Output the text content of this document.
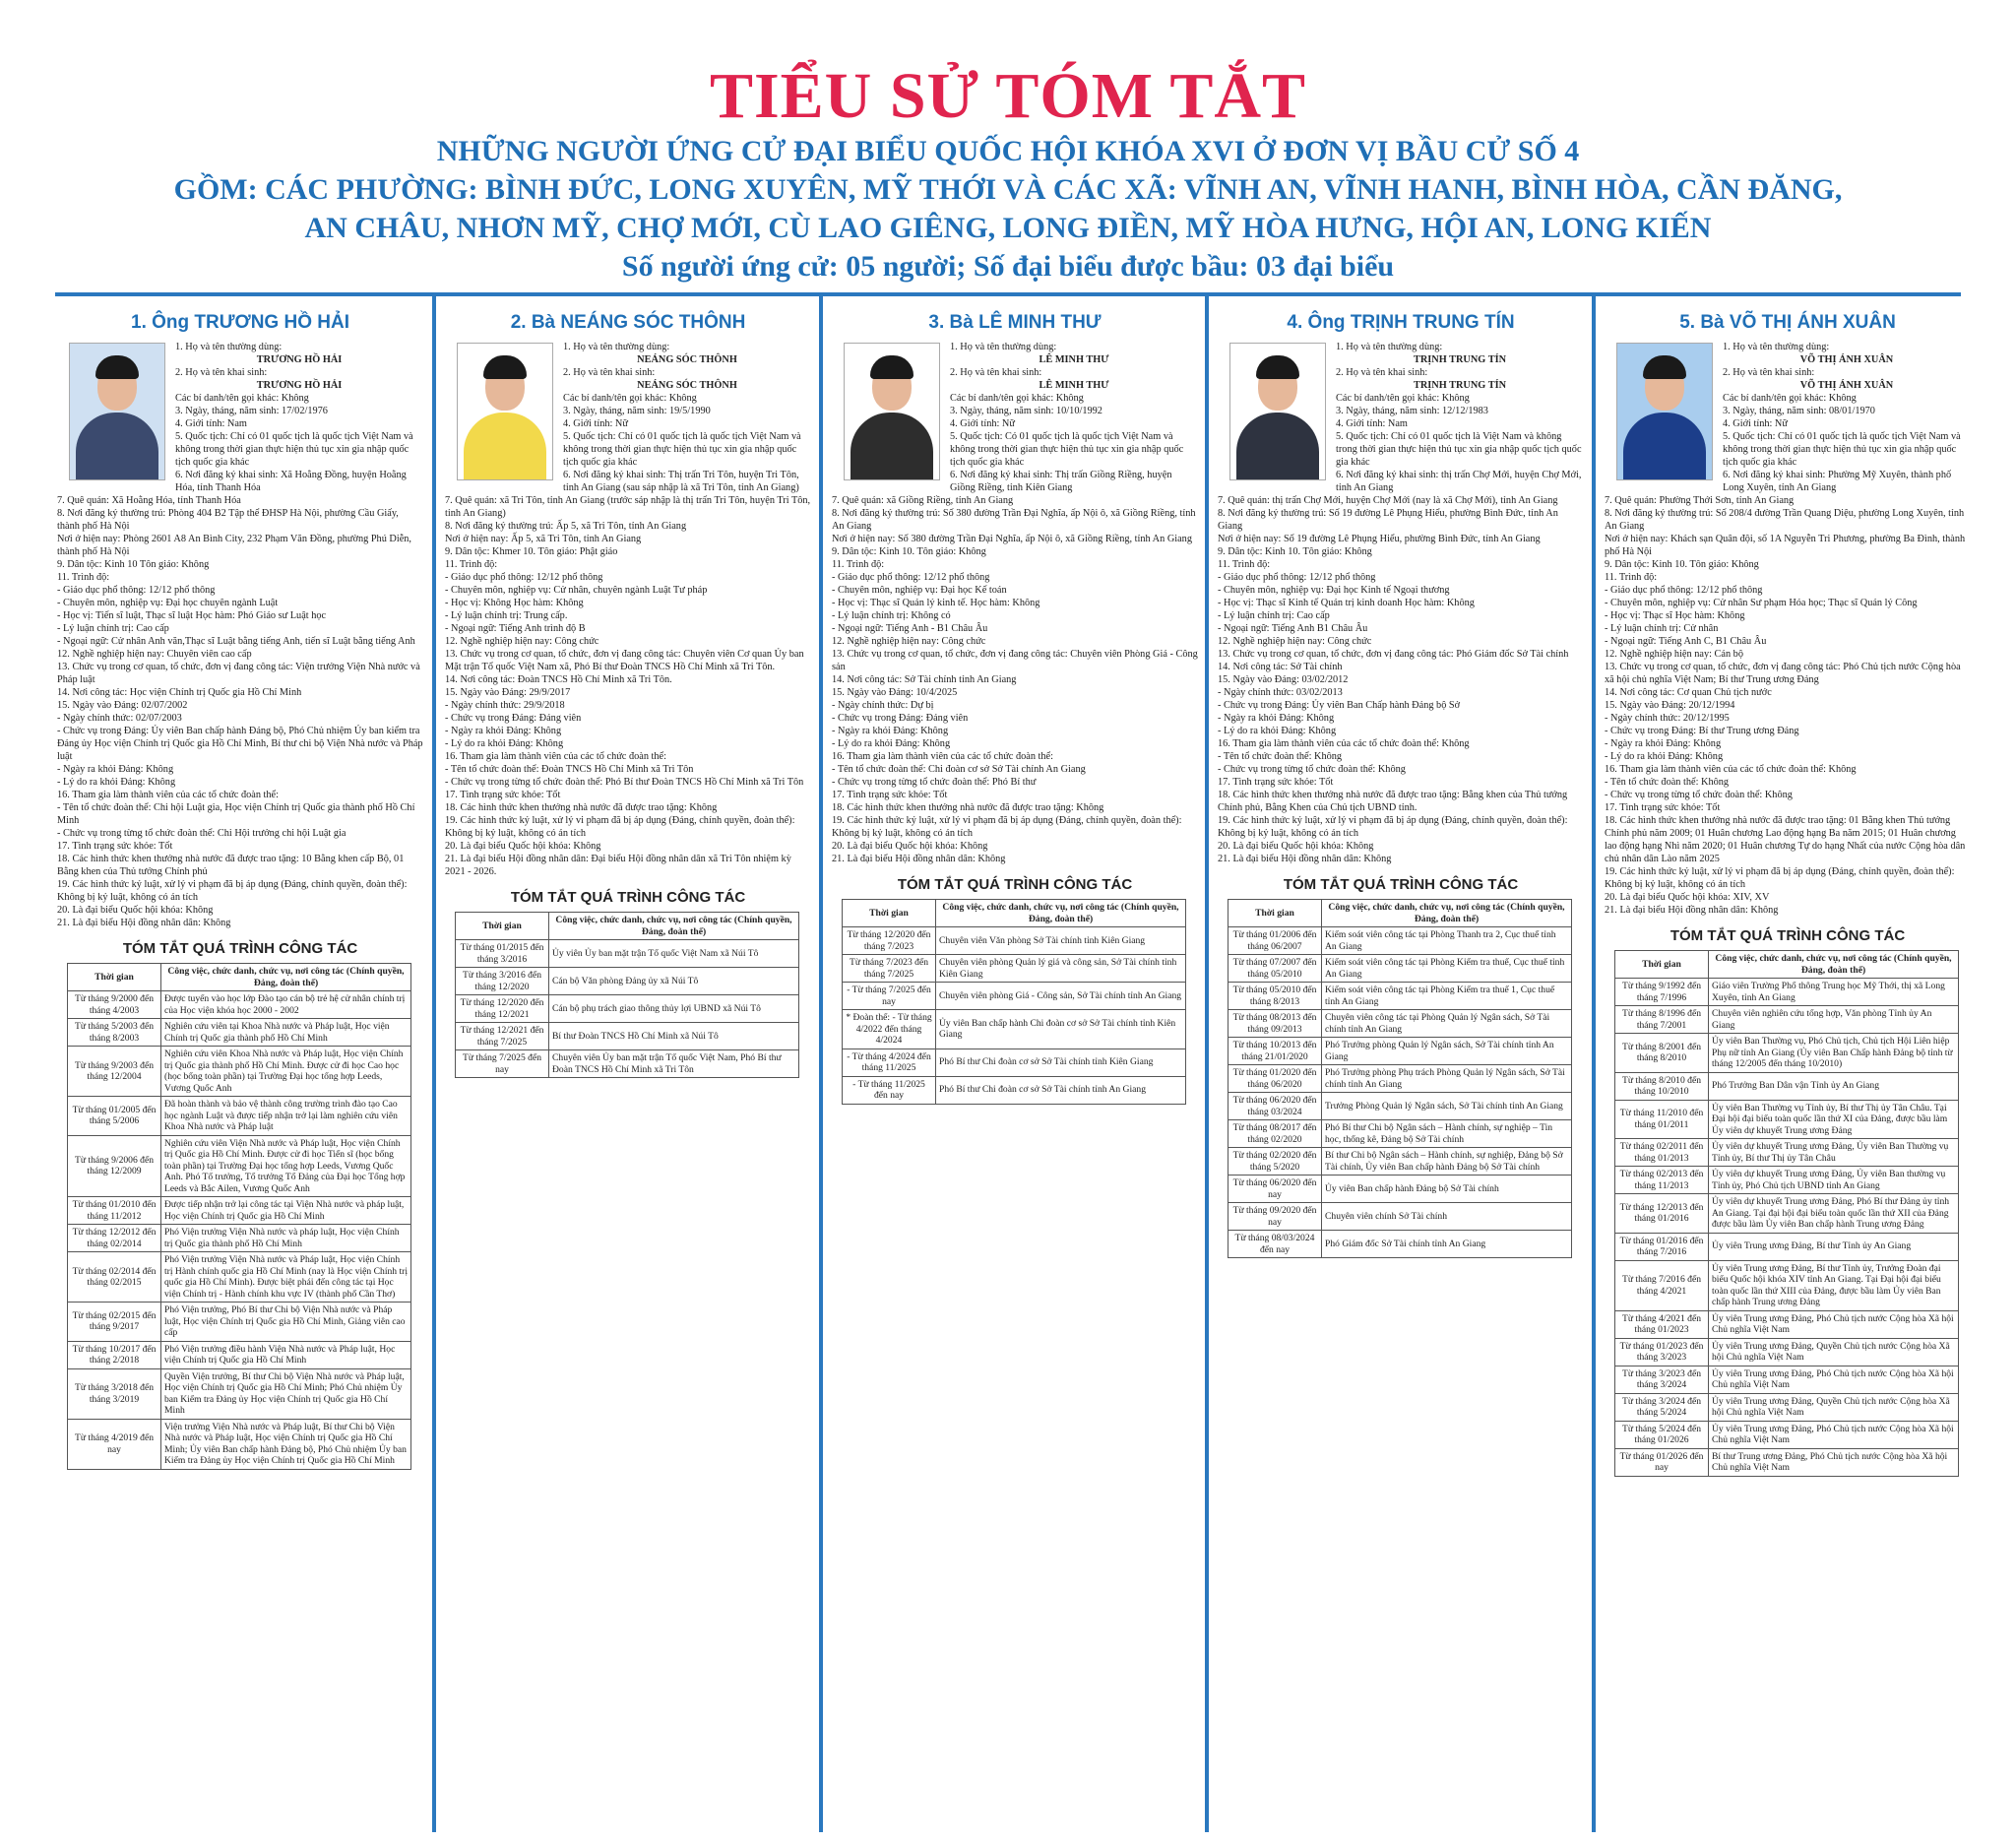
TIỂU SỬ TÓM TẮT
NHỮNG NGƯỜI ỨNG CỬ ĐẠI BIỂU QUỐC HỘI KHÓA XVI Ở ĐƠN VỊ BẦU CỬ SỐ 4
GỒM: CÁC PHƯỜNG: BÌNH ĐỨC, LONG XUYÊN, MỸ THỚI VÀ CÁC XÃ: VĨNH AN, VĨNH HANH, BÌNH HÒA, CẦN ĐĂNG,
AN CHÂU, NHƠN MỸ, CHỢ MỚI, CÙ LAO GIÊNG, LONG ĐIỀN, MỸ HÒA HƯNG, HỘI AN, LONG KIẾN
Số người ứng cử: 05 người; Số đại biểu được bầu: 03 đại biểu
1. Ông TRƯƠNG HỒ HẢI

1. Họ và tên thường dùng:

TRƯƠNG HỒ HẢI

2. Họ và tên khai sinh:

TRƯƠNG HỒ HẢI

Các bí danh/tên gọi khác: Không

3. Ngày, tháng, năm sinh: 17/02/1976

4. Giới tính: Nam

5. Quốc tịch: Chỉ có 01 quốc tịch là quốc tịch Việt Nam và không trong thời gian thực hiện thủ tục xin gia nhập quốc tịch quốc gia khác

6. Nơi đăng ký khai sinh: Xã Hoằng Đồng, huyện Hoằng Hóa, tỉnh Thanh Hóa

7. Quê quán: Xã Hoằng Hóa, tỉnh Thanh Hóa

8. Nơi đăng ký thường trú: Phòng 404 B2 Tập thể ĐHSP Hà Nội, phường Cầu Giấy, thành phố Hà Nội

Nơi ở hiện nay: Phòng 2601 A8 An Bình City, 232 Phạm Văn Đồng, phường Phú Diễn, thành phố Hà Nội

9. Dân tộc: Kinh 10 Tôn giáo: Không

11. Trình độ:

- Giáo dục phổ thông: 12/12 phổ thông

- Chuyên môn, nghiệp vụ: Đại học chuyên ngành Luật

- Học vị: Tiến sĩ luật, Thạc sĩ luật Học hàm: Phó Giáo sư Luật học

- Lý luận chính trị: Cao cấp

- Ngoại ngữ: Cử nhân Anh văn,Thạc sĩ Luật bằng tiếng Anh, tiến sĩ Luật bằng tiếng Anh

12. Nghề nghiệp hiện nay: Chuyên viên cao cấp

13. Chức vụ trong cơ quan, tổ chức, đơn vị đang công tác: Viện trưởng Viện Nhà nước và Pháp luật

14. Nơi công tác: Học viện Chính trị Quốc gia Hồ Chí Minh

15. Ngày vào Đảng: 02/07/2002

- Ngày chính thức: 02/07/2003

- Chức vụ trong Đảng: Ủy viên Ban chấp hành Đảng bộ, Phó Chủ nhiệm Ủy ban kiểm tra Đảng ủy Học viện Chính trị Quốc gia Hồ Chí Minh, Bí thư chi bộ Viện Nhà nước và Pháp luật

- Ngày ra khỏi Đảng: Không

- Lý do ra khỏi Đảng: Không

16. Tham gia làm thành viên của các tổ chức đoàn thể:

- Tên tổ chức đoàn thể: Chi hội Luật gia, Học viện Chính trị Quốc gia thành phố Hồ Chí Minh

- Chức vụ trong từng tổ chức đoàn thể: Chi Hội trưởng chi hội Luật gia

17. Tình trạng sức khỏe: Tốt

18. Các hình thức khen thưởng nhà nước đã được trao tặng: 10 Bằng khen cấp Bộ, 01 Bằng khen của Thủ tướng Chính phủ

19. Các hình thức kỷ luật, xử lý vi phạm đã bị áp dụng (Đảng, chính quyền, đoàn thể): Không bị kỷ luật, không có án tích

20. Là đại biểu Quốc hội khóa: Không

21. Là đại biểu Hội đồng nhân dân: Không

TÓM TẮT QUÁ TRÌNH CÔNG TÁC
Thời gian	Công việc, chức danh, chức vụ, nơi công tác (Chính quyền, Đảng, đoàn thể)
Từ tháng 9/2000 đến tháng 4/2003	Được tuyển vào học lớp Đào tạo cán bộ trẻ hệ cử nhân chính trị của Học viện khóa học 2000 - 2002
Từ tháng 5/2003 đến tháng 8/2003	Nghiên cứu viên tại Khoa Nhà nước và Pháp luật, Học viện Chính trị Quốc gia thành phố Hồ Chí Minh
Từ tháng 9/2003 đến tháng 12/2004	Nghiên cứu viên Khoa Nhà nước và Pháp luật, Học viện Chính trị Quốc gia thành phố Hồ Chí Minh. Được cử đi học Cao học (học bổng toàn phần) tại Trường Đại học tổng hợp Leeds, Vương Quốc Anh
Từ tháng 01/2005 đến tháng 5/2006	Đã hoàn thành và bảo vệ thành công trường trình đào tạo Cao học ngành Luật và được tiếp nhận trở lại làm nghiên cứu viên Khoa Nhà nước và Pháp luật
Từ tháng 9/2006 đến tháng 12/2009	Nghiên cứu viên Viện Nhà nước và Pháp luật, Học viện Chính trị Quốc gia Hồ Chí Minh. Được cử đi học Tiến sĩ (học bổng toàn phần) tại Trường Đại học tổng hợp Leeds, Vương Quốc Anh. Phó Tổ trưởng, Tổ trưởng Tổ Đảng của Đại học Tổng hợp Leeds và Bắc Ailen, Vương Quốc Anh
Từ tháng 01/2010 đến tháng 11/2012	Được tiếp nhận trở lại công tác tại Viện Nhà nước và pháp luật, Học viện Chính trị Quốc gia Hồ Chí Minh
Từ tháng 12/2012 đến tháng 02/2014	Phó Viện trưởng Viện Nhà nước và pháp luật, Học viện Chính trị Quốc gia thành phố Hồ Chí Minh
Từ tháng 02/2014 đến tháng 02/2015	Phó Viện trưởng Viện Nhà nước và Pháp luật, Học viện Chính trị Hành chính quốc gia Hồ Chí Minh (nay là Học viện Chính trị quốc gia Hồ Chí Minh). Được biệt phái đến công tác tại Học viện Chính trị - Hành chính khu vực IV (thành phố Cần Thơ)
Từ tháng 02/2015 đến tháng 9/2017	Phó Viện trưởng, Phó Bí thư Chi bộ Viện Nhà nước và Pháp luật, Học viện Chính trị Quốc gia Hồ Chí Minh, Giảng viên cao cấp
Từ tháng 10/2017 đến tháng 2/2018	Phó Viện trưởng điều hành Viện Nhà nước và Pháp luật, Học viện Chính trị Quốc gia Hồ Chí Minh
Từ tháng 3/2018 đến tháng 3/2019	Quyền Viện trưởng, Bí thư Chi bộ Viện Nhà nước và Pháp luật, Học viện Chính trị Quốc gia Hồ Chí Minh; Phó Chủ nhiệm Ủy ban Kiểm tra Đảng ủy Học viện Chính trị Quốc gia Hồ Chí Minh
Từ tháng 4/2019 đến nay	Viện trưởng Viện Nhà nước và Pháp luật, Bí thư Chi bộ Viện Nhà nước và Pháp luật, Học viện Chính trị Quốc gia Hồ Chí Minh; Ủy viên Ban chấp hành Đảng bộ, Phó Chủ nhiệm Ủy ban Kiểm tra Đảng ủy Học viện Chính trị Quốc gia Hồ Chí Minh
2. Bà NEÁNG SÓC THÔNH

1. Họ và tên thường dùng:

NEÁNG SÓC THÔNH

2. Họ và tên khai sinh:

NEÁNG SÓC THÔNH

Các bí danh/tên gọi khác: Không

3. Ngày, tháng, năm sinh: 19/5/1990

4. Giới tính: Nữ

5. Quốc tịch: Chỉ có 01 quốc tịch là quốc tịch Việt Nam và không trong thời gian thực hiện thủ tục xin gia nhập quốc tịch quốc gia khác

6. Nơi đăng ký khai sinh: Thị trấn Tri Tôn, huyện Tri Tôn, tỉnh An Giang (sau sáp nhập là xã Tri Tôn, tỉnh An Giang)

7. Quê quán: xã Tri Tôn, tỉnh An Giang (trước sáp nhập là thị trấn Tri Tôn, huyện Tri Tôn, tỉnh An Giang)

8. Nơi đăng ký thường trú: Ấp 5, xã Tri Tôn, tỉnh An Giang

Nơi ở hiện nay: Ấp 5, xã Tri Tôn, tỉnh An Giang

9. Dân tộc: Khmer 10. Tôn giáo: Phật giáo

11. Trình độ:

- Giáo dục phổ thông: 12/12 phổ thông

- Chuyên môn, nghiệp vụ: Cử nhân, chuyên ngành Luật Tư pháp

- Học vị: Không Học hàm: Không

- Lý luận chính trị: Trung cấp.

- Ngoại ngữ: Tiếng Anh trình độ B

12. Nghề nghiệp hiện nay: Công chức

13. Chức vụ trong cơ quan, tổ chức, đơn vị đang công tác: Chuyên viên Cơ quan Ủy ban Mặt trận Tổ quốc Việt Nam xã, Phó Bí thư Đoàn TNCS Hồ Chí Minh xã Tri Tôn.

14. Nơi công tác: Đoàn TNCS Hồ Chí Minh xã Tri Tôn.

15. Ngày vào Đảng: 29/9/2017

- Ngày chính thức: 29/9/2018

- Chức vụ trong Đảng: Đảng viên

- Ngày ra khỏi Đảng: Không

- Lý do ra khỏi Đảng: Không

16. Tham gia làm thành viên của các tổ chức đoàn thể:

- Tên tổ chức đoàn thể: Đoàn TNCS Hồ Chí Minh xã Tri Tôn

- Chức vụ trong từng tổ chức đoàn thể: Phó Bí thư Đoàn TNCS Hồ Chí Minh xã Tri Tôn

17. Tình trạng sức khỏe: Tốt

18. Các hình thức khen thưởng nhà nước đã được trao tặng: Không

19. Các hình thức kỷ luật, xử lý vi phạm đã bị áp dụng (Đảng, chính quyền, đoàn thể): Không bị kỷ luật, không có án tích

20. Là đại biểu Quốc hội khóa: Không

21. Là đại biểu Hội đồng nhân dân: Đại biểu Hội đồng nhân dân xã Tri Tôn nhiệm kỳ 2021 - 2026.

TÓM TẮT QUÁ TRÌNH CÔNG TÁC
Thời gian	Công việc, chức danh, chức vụ, nơi công tác (Chính quyền, Đảng, đoàn thể)
Từ tháng 01/2015 đến tháng 3/2016	Ủy viên Ủy ban mặt trận Tổ quốc Việt Nam xã Núi Tô
Từ tháng 3/2016 đến tháng 12/2020	Cán bộ Văn phòng Đảng ủy xã Núi Tô
Từ tháng 12/2020 đến tháng 12/2021	Cán bộ phụ trách giao thông thủy lợi UBND xã Núi Tô
Từ tháng 12/2021 đến tháng 7/2025	Bí thư Đoàn TNCS Hồ Chí Minh xã Núi Tô
Từ tháng 7/2025 đến nay	Chuyên viên Ủy ban mặt trận Tổ quốc Việt Nam, Phó Bí thư Đoàn TNCS Hồ Chí Minh xã Tri Tôn
3. Bà LÊ MINH THƯ

1. Họ và tên thường dùng:

LÊ MINH THƯ

2. Họ và tên khai sinh:

LÊ MINH THƯ

Các bí danh/tên gọi khác: Không

3. Ngày, tháng, năm sinh: 10/10/1992

4. Giới tính: Nữ

5. Quốc tịch: Có 01 quốc tịch là quốc tịch Việt Nam và không trong thời gian thực hiện thủ tục xin gia nhập quốc tịch quốc gia khác

6. Nơi đăng ký khai sinh: Thị trấn Giồng Riềng, huyện Giồng Riềng, tỉnh Kiên Giang

7. Quê quán: xã Giồng Riềng, tỉnh An Giang

8. Nơi đăng ký thường trú: Số 380 đường Trần Đại Nghĩa, ấp Nội ô, xã Giồng Riềng, tỉnh An Giang

Nơi ở hiện nay: Số 380 đường Trần Đại Nghĩa, ấp Nội ô, xã Giồng Riềng, tỉnh An Giang

9. Dân tộc: Kinh 10. Tôn giáo: Không

11. Trình độ:

- Giáo dục phổ thông: 12/12 phổ thông

- Chuyên môn, nghiệp vụ: Đại học Kế toán

- Học vị: Thạc sĩ Quản lý kinh tế. Học hàm: Không

- Lý luận chính trị: Không có

- Ngoại ngữ: Tiếng Anh - B1 Châu Âu

12. Nghề nghiệp hiện nay: Công chức

13. Chức vụ trong cơ quan, tổ chức, đơn vị đang công tác: Chuyên viên Phòng Giá - Công sản

14. Nơi công tác: Sở Tài chính tỉnh An Giang

15. Ngày vào Đảng: 10/4/2025

- Ngày chính thức: Dự bị

- Chức vụ trong Đảng: Đảng viên

- Ngày ra khỏi Đảng: Không

- Lý do ra khỏi Đảng: Không

16. Tham gia làm thành viên của các tổ chức đoàn thể:

- Tên tổ chức đoàn thể: Chi đoàn cơ sở Sở Tài chính An Giang

- Chức vụ trong từng tổ chức đoàn thể: Phó Bí thư

17. Tình trạng sức khỏe: Tốt

18. Các hình thức khen thưởng nhà nước đã được trao tặng: Không

19. Các hình thức kỷ luật, xử lý vi phạm đã bị áp dụng (Đảng, chính quyền, đoàn thể): Không bị kỷ luật, không có án tích

20. Là đại biểu Quốc hội khóa: Không

21. Là đại biểu Hội đồng nhân dân: Không

TÓM TẮT QUÁ TRÌNH CÔNG TÁC
Thời gian	Công việc, chức danh, chức vụ, nơi công tác (Chính quyền, Đảng, đoàn thể)
Từ tháng 12/2020 đến tháng 7/2023	Chuyên viên Văn phòng Sở Tài chính tỉnh Kiên Giang
Từ tháng 7/2023 đến tháng 7/2025	Chuyên viên phòng Quản lý giá và công sản, Sở Tài chính tỉnh Kiên Giang
- Từ tháng 7/2025 đến nay	Chuyên viên phòng Giá - Công sản, Sở Tài chính tỉnh An Giang
* Đoàn thể: - Từ tháng 4/2022 đến tháng 4/2024	Ủy viên Ban chấp hành Chi đoàn cơ sở Sở Tài chính tỉnh Kiên Giang
- Từ tháng 4/2024 đến tháng 11/2025	Phó Bí thư Chi đoàn cơ sở Sở Tài chính tỉnh Kiên Giang
- Từ tháng 11/2025 đến nay	Phó Bí thư Chi đoàn cơ sở Sở Tài chính tỉnh An Giang
4. Ông TRỊNH TRUNG TÍN

1. Họ và tên thường dùng:

TRỊNH TRUNG TÍN

2. Họ và tên khai sinh:

TRỊNH TRUNG TÍN

Các bí danh/tên gọi khác: Không

3. Ngày, tháng, năm sinh: 12/12/1983

4. Giới tính: Nam

5. Quốc tịch: Chỉ có 01 quốc tịch là Việt Nam và không trong thời gian thực hiện thủ tục xin gia nhập quốc tịch quốc gia khác

6. Nơi đăng ký khai sinh: thị trấn Chợ Mới, huyện Chợ Mới, tỉnh An Giang

7. Quê quán: thị trấn Chợ Mới, huyện Chợ Mới (nay là xã Chợ Mới), tỉnh An Giang

8. Nơi đăng ký thường trú: Số 19 đường Lê Phụng Hiểu, phường Bình Đức, tỉnh An Giang

Nơi ở hiện nay: Số 19 đường Lê Phụng Hiểu, phường Bình Đức, tỉnh An Giang

9. Dân tộc: Kinh 10. Tôn giáo: Không

11. Trình độ:

- Giáo dục phổ thông: 12/12 phổ thông

- Chuyên môn, nghiệp vụ: Đại học Kinh tế Ngoại thương

- Học vị: Thạc sĩ Kinh tế Quản trị kinh doanh Học hàm: Không

- Lý luận chính trị: Cao cấp

- Ngoại ngữ: Tiếng Anh B1 Châu Âu

12. Nghề nghiệp hiện nay: Công chức

13. Chức vụ trong cơ quan, tổ chức, đơn vị đang công tác: Phó Giám đốc Sở Tài chính

14. Nơi công tác: Sở Tài chính

15. Ngày vào Đảng: 03/02/2012

- Ngày chính thức: 03/02/2013

- Chức vụ trong Đảng: Ủy viên Ban Chấp hành Đảng bộ Sở

- Ngày ra khỏi Đảng: Không

- Lý do ra khỏi Đảng: Không

16. Tham gia làm thành viên của các tổ chức đoàn thể: Không

- Tên tổ chức đoàn thể: Không

- Chức vụ trong từng tổ chức đoàn thể: Không

17. Tình trạng sức khỏe: Tốt

18. Các hình thức khen thưởng nhà nước đã được trao tặng: Bằng khen của Thủ tướng Chính phủ, Bằng Khen của Chủ tịch UBND tỉnh.

19. Các hình thức kỷ luật, xử lý vi phạm đã bị áp dụng (Đảng, chính quyền, đoàn thể): Không bị kỷ luật, không có án tích

20. Là đại biểu Quốc hội khóa: Không

21. Là đại biểu Hội đồng nhân dân: Không

TÓM TẮT QUÁ TRÌNH CÔNG TÁC
Thời gian	Công việc, chức danh, chức vụ, nơi công tác (Chính quyền, Đảng, đoàn thể)
Từ tháng 01/2006 đến tháng 06/2007	Kiểm soát viên công tác tại Phòng Thanh tra 2, Cục thuế tỉnh An Giang
Từ tháng 07/2007 đến tháng 05/2010	Kiểm soát viên công tác tại Phòng Kiểm tra thuế, Cục thuế tỉnh An Giang
Từ tháng 05/2010 đến tháng 8/2013	Kiểm soát viên công tác tại Phòng Kiểm tra thuế 1, Cục thuế tỉnh An Giang
Từ tháng 08/2013 đến tháng 09/2013	Chuyên viên công tác tại Phòng Quản lý Ngân sách, Sở Tài chính tỉnh An Giang
Từ tháng 10/2013 đến tháng 21/01/2020	Phó Trưởng phòng Quản lý Ngân sách, Sở Tài chính tỉnh An Giang
Từ tháng 01/2020 đến tháng 06/2020	Phó Trưởng phòng Phụ trách Phòng Quản lý Ngân sách, Sở Tài chính tỉnh An Giang
Từ tháng 06/2020 đến tháng 03/2024	Trưởng Phòng Quản lý Ngân sách, Sở Tài chính tỉnh An Giang
Từ tháng 08/2017 đến tháng 02/2020	Phó Bí thư Chi bộ Ngân sách – Hành chính, sự nghiệp – Tin học, thống kê, Đảng bộ Sở Tài chính
Từ tháng 02/2020 đến tháng 5/2020	Bí thư Chi bộ Ngân sách – Hành chính, sự nghiệp, Đảng bộ Sở Tài chính, Ủy viên Ban chấp hành Đảng bộ Sở Tài chính
Từ tháng 06/2020 đến nay	Ủy viên Ban chấp hành Đảng bộ Sở Tài chính
Từ tháng 09/2020 đến nay	Chuyên viên chính Sở Tài chính
Từ tháng 08/03/2024 đến nay	Phó Giám đốc Sở Tài chính tỉnh An Giang
5. Bà VÕ THỊ ÁNH XUÂN

1. Họ và tên thường dùng:

VÕ THỊ ÁNH XUÂN

2. Họ và tên khai sinh:

VÕ THỊ ÁNH XUÂN

Các bí danh/tên gọi khác: Không

3. Ngày, tháng, năm sinh: 08/01/1970

4. Giới tính: Nữ

5. Quốc tịch: Chỉ có 01 quốc tịch là quốc tịch Việt Nam và không trong thời gian thực hiện thủ tục xin gia nhập quốc tịch quốc gia khác

6. Nơi đăng ký khai sinh: Phường Mỹ Xuyên, thành phố Long Xuyên, tỉnh An Giang

7. Quê quán: Phường Thới Sơn, tỉnh An Giang

8. Nơi đăng ký thường trú: Số 208/4 đường Trần Quang Diệu, phường Long Xuyên, tỉnh An Giang

Nơi ở hiện nay: Khách sạn Quân đội, số 1A Nguyễn Tri Phương, phường Ba Đình, thành phố Hà Nội

9. Dân tộc: Kinh 10. Tôn giáo: Không

11. Trình độ:

- Giáo dục phổ thông: 12/12 phổ thông

- Chuyên môn, nghiệp vụ: Cử nhân Sư phạm Hóa học; Thạc sĩ Quản lý Công

- Học vị: Thạc sĩ Học hàm: Không

- Lý luận chính trị: Cử nhân

- Ngoại ngữ: Tiếng Anh C, B1 Châu Âu

12. Nghề nghiệp hiện nay: Cán bộ

13. Chức vụ trong cơ quan, tổ chức, đơn vị đang công tác: Phó Chủ tịch nước Cộng hòa xã hội chủ nghĩa Việt Nam; Bí thư Trung ương Đảng

14. Nơi công tác: Cơ quan Chủ tịch nước

15. Ngày vào Đảng: 20/12/1994

- Ngày chính thức: 20/12/1995

- Chức vụ trong Đảng: Bí thư Trung ương Đảng

- Ngày ra khỏi Đảng: Không

- Lý do ra khỏi Đảng: Không

16. Tham gia làm thành viên của các tổ chức đoàn thể: Không

- Tên tổ chức đoàn thể: Không

- Chức vụ trong từng tổ chức đoàn thể: Không

17. Tình trạng sức khỏe: Tốt

18. Các hình thức khen thưởng nhà nước đã được trao tặng: 01 Bằng khen Thủ tướng Chính phủ năm 2009; 01 Huân chương Lao động hạng Ba năm 2015; 01 Huân chương lao động hạng Nhì năm 2020; 01 Huân chương Tự do hạng Nhất của nước Cộng hòa dân chủ nhân dân Lào năm 2025

19. Các hình thức kỷ luật, xử lý vi phạm đã bị áp dụng (Đảng, chính quyền, đoàn thể): Không bị kỷ luật, không có án tích

20. Là đại biểu Quốc hội khóa: XIV, XV

21. Là đại biểu Hội đồng nhân dân: Không

TÓM TẮT QUÁ TRÌNH CÔNG TÁC
Thời gian	Công việc, chức danh, chức vụ, nơi công tác (Chính quyền, Đảng, đoàn thể)
Từ tháng 9/1992 đến tháng 7/1996	Giáo viên Trường Phổ thông Trung học Mỹ Thới, thị xã Long Xuyên, tỉnh An Giang
Từ tháng 8/1996 đến tháng 7/2001	Chuyên viên nghiên cứu tổng hợp, Văn phòng Tỉnh ủy An Giang
Từ tháng 8/2001 đến tháng 8/2010	Ủy viên Ban Thường vụ, Phó Chủ tịch, Chủ tịch Hội Liên hiệp Phụ nữ tỉnh An Giang (Ủy viên Ban Chấp hành Đảng bộ tỉnh từ tháng 12/2005 đến tháng 10/2010)
Từ tháng 8/2010 đến tháng 10/2010	Phó Trưởng Ban Dân vận Tỉnh ủy An Giang
Từ tháng 11/2010 đến tháng 01/2011	Ủy viên Ban Thường vụ Tỉnh ủy, Bí thư Thị ủy Tân Châu. Tại Đại hội đại biểu toàn quốc lần thứ XI của Đảng, được bầu làm Ủy viên dự khuyết Trung ương Đảng
Từ tháng 02/2011 đến tháng 01/2013	Ủy viên dự khuyết Trung ương Đảng, Ủy viên Ban Thường vụ Tỉnh ủy, Bí thư Thị ủy Tân Châu
Từ tháng 02/2013 đến tháng 11/2013	Ủy viên dự khuyết Trung ương Đảng, Ủy viên Ban thường vụ Tỉnh ủy, Phó Chủ tịch UBND tỉnh An Giang
Từ tháng 12/2013 đến tháng 01/2016	Ủy viên dự khuyết Trung ương Đảng, Phó Bí thư Đảng ủy tỉnh An Giang. Tại đại hội đại biểu toàn quốc lần thứ XII của Đảng được bầu làm Ủy viên Ban chấp hành Trung ương Đảng
Từ tháng 01/2016 đến tháng 7/2016	Ủy viên Trung ương Đảng, Bí thư Tỉnh ủy An Giang
Từ tháng 7/2016 đến tháng 4/2021	Ủy viên Trung ương Đảng, Bí thư Tỉnh ủy, Trưởng Đoàn đại biểu Quốc hội khóa XIV tỉnh An Giang. Tại Đại hội đại biểu toàn quốc lần thứ XIII của Đảng, được bầu làm Ủy viên Ban chấp hành Trung ương Đảng
Từ tháng 4/2021 đến tháng 01/2023	Ủy viên Trung ương Đảng, Phó Chủ tịch nước Cộng hòa Xã hội Chủ nghĩa Việt Nam
Từ tháng 01/2023 đến tháng 3/2023	Ủy viên Trung ương Đảng, Quyền Chủ tịch nước Cộng hòa Xã hội Chủ nghĩa Việt Nam
Từ tháng 3/2023 đến tháng 3/2024	Ủy viên Trung ương Đảng, Phó Chủ tịch nước Cộng hòa Xã hội Chủ nghĩa Việt Nam
Từ tháng 3/2024 đến tháng 5/2024	Ủy viên Trung ương Đảng, Quyền Chủ tịch nước Cộng hòa Xã hội Chủ nghĩa Việt Nam
Từ tháng 5/2024 đến tháng 01/2026	Ủy viên Trung ương Đảng, Phó Chủ tịch nước Cộng hòa Xã hội Chủ nghĩa Việt Nam
Từ tháng 01/2026 đến nay	Bí thư Trung ương Đảng, Phó Chủ tịch nước Cộng hòa Xã hội Chủ nghĩa Việt Nam
